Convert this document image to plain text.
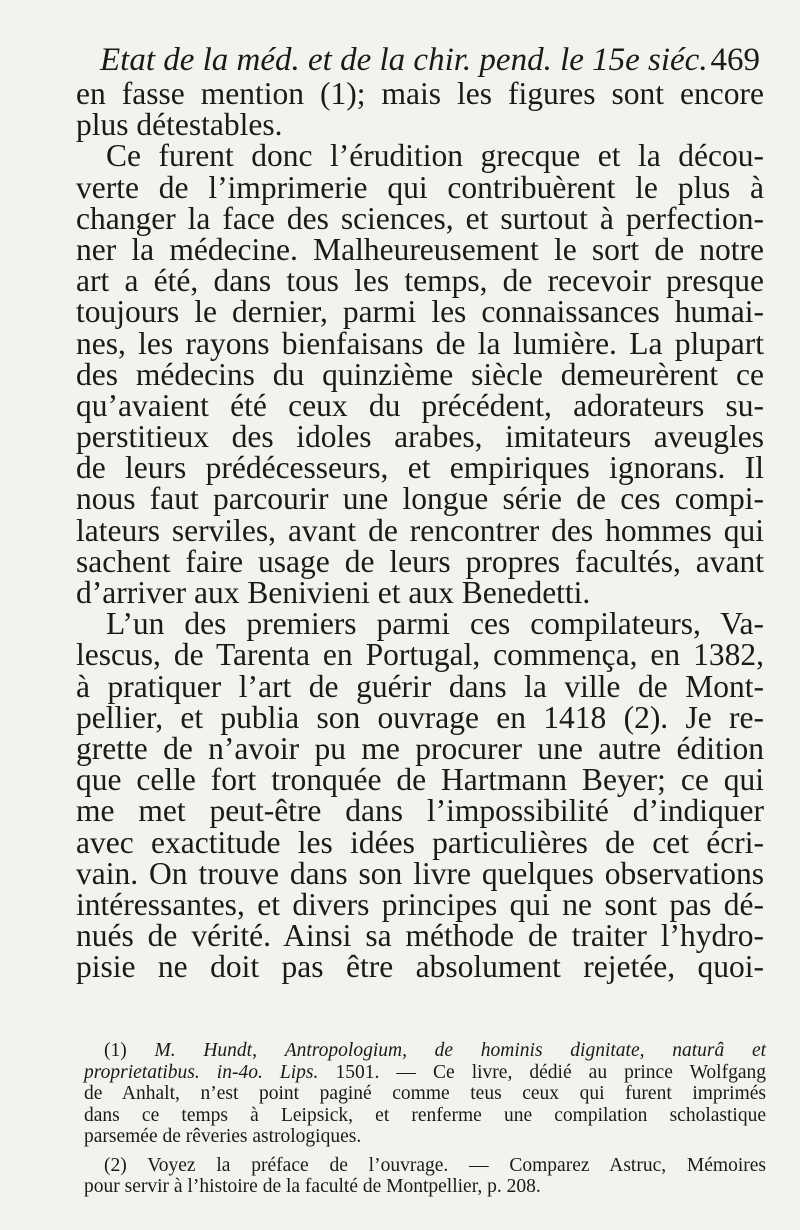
Etat de la méd. et de la chir. pend. le 15e siéc. 469
en fasse mention (1); mais les figures sont encore
plus détestables.
Ce furent donc l’érudition grecque et la décou-
verte de l’imprimerie qui contribuèrent le plus à
changer la face des sciences, et surtout à perfection-
ner la médecine. Malheureusement le sort de notre
art a été, dans tous les temps, de recevoir presque
toujours le dernier, parmi les connaissances humai-
nes, les rayons bienfaisans de la lumière. La plupart
des médecins du quinzième siècle demeurèrent ce
qu’avaient été ceux du précédent, adorateurs su-
perstitieux des idoles arabes, imitateurs aveugles
de leurs prédécesseurs, et empiriques ignorans. Il
nous faut parcourir une longue série de ces compi-
lateurs serviles, avant de rencontrer des hommes qui
sachent faire usage de leurs propres facultés, avant
d’arriver aux Benivieni et aux Benedetti.
L’un des premiers parmi ces compilateurs, Va-
lescus, de Tarenta en Portugal, commença, en 1382,
à pratiquer l’art de guérir dans la ville de Mont-
pellier, et publia son ouvrage en 1418 (2). Je re-
grette de n’avoir pu me procurer une autre édition
que celle fort tronquée de Hartmann Beyer; ce qui
me met peut-être dans l’impossibilité d’indiquer
avec exactitude les idées particulières de cet écri-
vain. On trouve dans son livre quelques observations
intéressantes, et divers principes qui ne sont pas dé-
nués de vérité. Ainsi sa méthode de traiter l’hydro-
pisie ne doit pas être absolument rejetée, quoi-
(1) M. Hundt, Antropologium, de hominis dignitate, naturâ et
proprietatibus. in-4o. Lips. 1501. — Ce livre, dédié au prince Wolfgang
de Anhalt, n’est point paginé comme teus ceux qui furent imprimés
dans ce temps à Leipsick, et renferme une compilation scholastique
parsemée de rêveries astrologiques.
(2) Voyez la préface de l’ouvrage. — Comparez Astruc, Mémoires
pour servir à l’histoire de la faculté de Montpellier, p. 208.
